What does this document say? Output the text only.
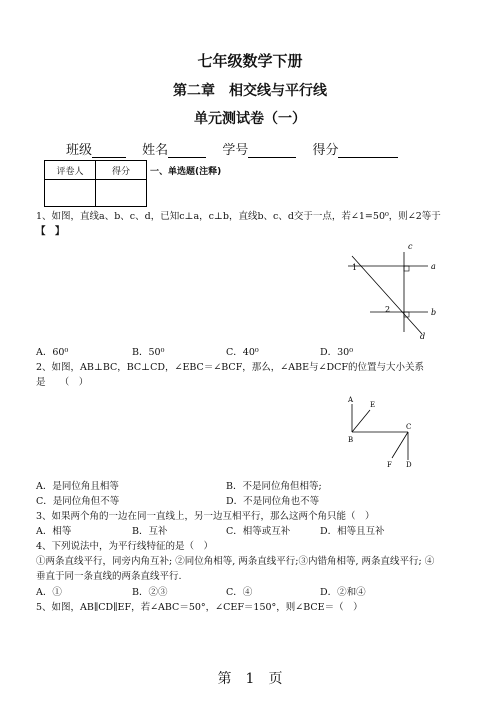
七年级数学下册
第二章　相交线与平行线
单元测试卷（一）
班级	姓名	学号	得分
评卷人	得分
	一、单选题(注释)
1、如图，直线a、b、c、d，已知c⊥a，c⊥b，直线b、c、d交于一点，若∠1=50⁰，则∠2等于
【　】
c
a
b
d
1
2
A．60⁰	B．50⁰	C．40⁰	D．30⁰
2、如图，AB⊥BC，BC⊥CD，∠EBC＝∠BCF，那么，∠ABE与∠DCF的位置与大小关系
是　　（　）
A
E
B
C
F D
A．是同位角且相等	B．不是同位角但相等;
C．是同位角但不等	D．不是同位角也不等
3、如果两个角的一边在同一直线上，另一边互相平行，那么这两个角只能（　）
A．相等	B．互补	C．相等或互补	D．相等且互补
4、下列说法中，为平行线特征的是（　）
①两条直线平行，同旁内角互补; ②同位角相等, 两条直线平行;③内错角相等, 两条直线平行; ④
垂直于同一条直线的两条直线平行.
A．①	B．②③	C．④	D．②和④
5、如图，AB∥CD∥EF，若∠ABC＝50°，∠CEF＝150°，则∠BCE＝（　）
第　1　页
